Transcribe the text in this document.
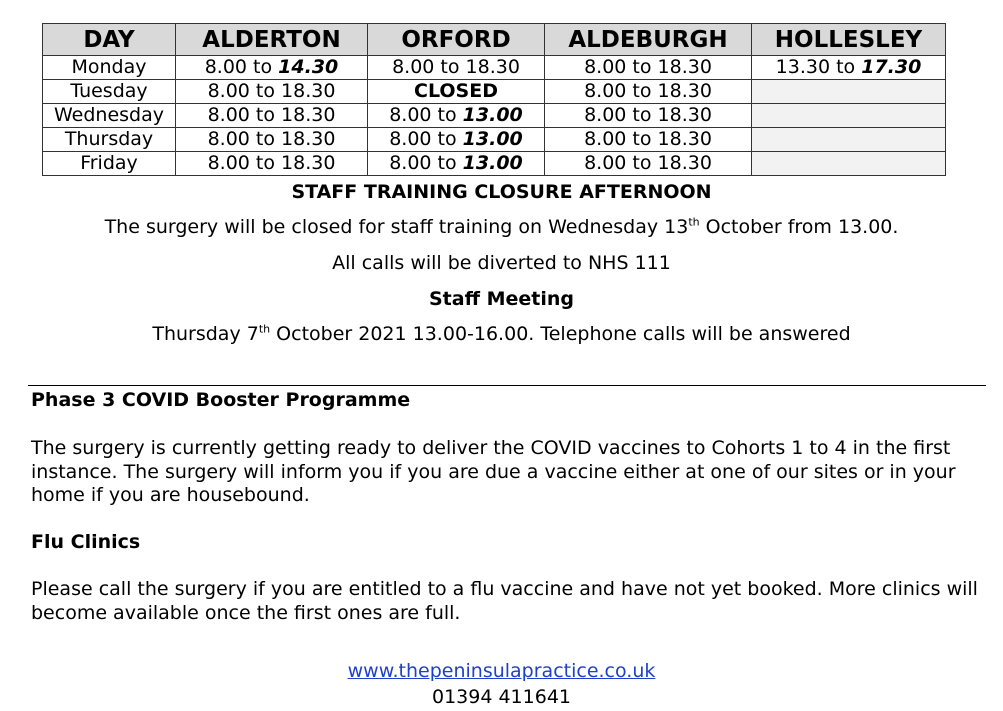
DAY	ALDERTON	ORFORD	ALDEBURGH	HOLLESLEY
Monday	8.00 to 14.30	8.00 to 18.30	8.00 to 18.30	13.30 to 17.30
Tuesday	8.00 to 18.30	CLOSED	8.00 to 18.30	
Wednesday	8.00 to 18.30	8.00 to 13.00	8.00 to 18.30	
Thursday	8.00 to 18.30	8.00 to 13.00	8.00 to 18.30	
Friday	8.00 to 18.30	8.00 to 13.00	8.00 to 18.30	
STAFF TRAINING CLOSURE AFTERNOON
The surgery will be closed for staff training on Wednesday 13th October from 13.00.
All calls will be diverted to NHS 111
Staff Meeting
Thursday 7th October 2021 13.00-16.00. Telephone calls will be answered
Phase 3 COVID Booster Programme
The surgery is currently getting ready to deliver the COVID vaccines to Cohorts 1 to 4 in the first instance. The surgery will inform you if you are due a vaccine either at one of our sites or in your home if you are housebound.
Flu Clinics
Please call the surgery if you are entitled to a flu vaccine and have not yet booked. More clinics will become available once the first ones are full.
www.thepeninsulapractice.co.uk
01394 411641
